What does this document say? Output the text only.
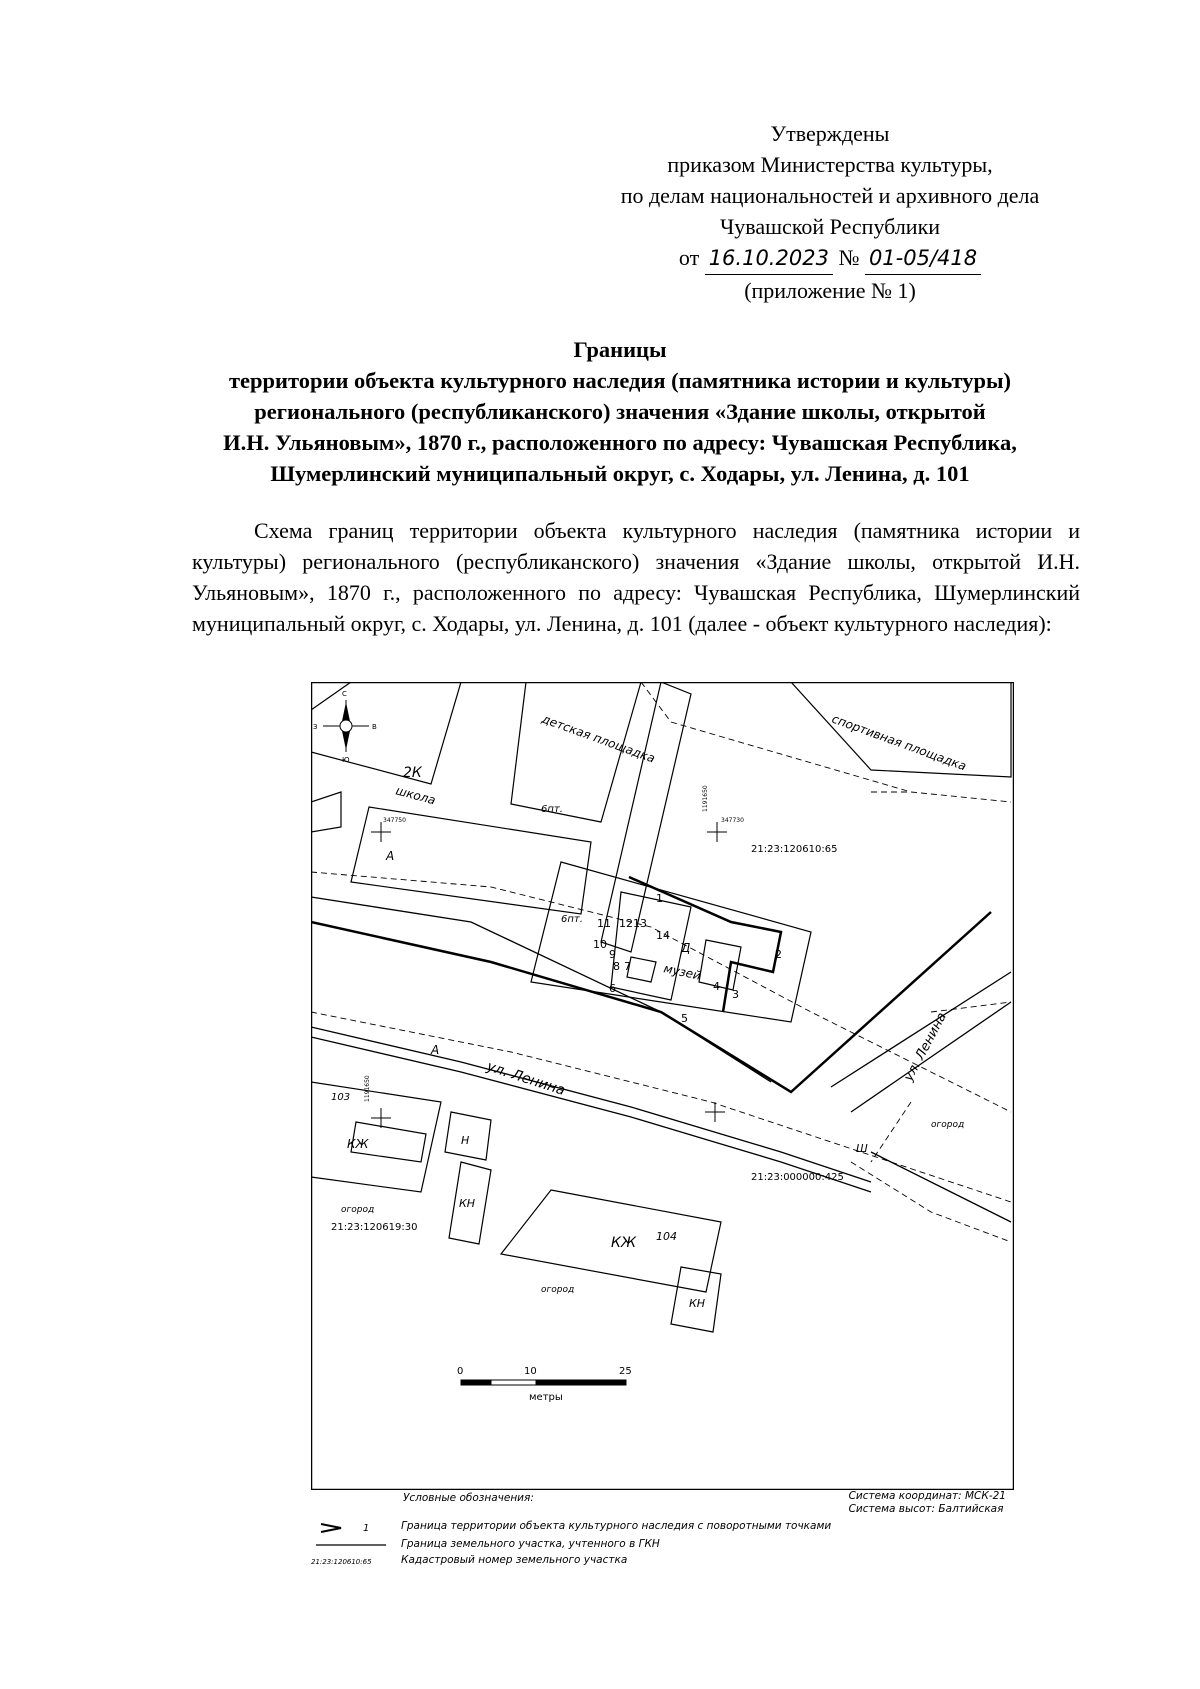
Утверждены
приказом Министерства культуры,
по делам национальностей и архивного дела
Чувашской Республики
от 16.10.2023 № 01-05/418
(приложение № 1)
Границы
территории объекта культурного наследия (памятника истории и культуры)
регионального (республиканского) значения «Здание школы, открытой
И.Н. Ульяновым», 1870 г., расположенного по адресу: Чувашская Республика,
Шумерлинский муниципальный округ, с. Ходары, ул. Ленина, д. 101

Схема границ территории объекта культурного наследия (памятника истории и культуры) регионального (республиканского) значения «Здание школы, открытой И.Н. Ульяновым», 1870 г., расположенного по адресу: Чувашская Республика, Шумерлинский муниципальный округ, с. Ходары, ул. Ленина, д. 101 (далее - объект культурного наследия):

С
Ю
З	В	детская площадка	спортивная площадка
2К
школа
А
Д
музей
А
ул. Ленина	ул. Ленина
21:23:120610:65
21:23:120619:30
21:23:000000:425
КЖ
103
Н
КН
КЖ 104
КН
Ш
огород
огород
огород
6пт.
6пт.
347750	347730
1191650
1191650
1
2
3
4
5
6
7
8
9
10
11 12 13
14
0	10	25
метры
Условные обозначения:	Система координат: МСК-21
Система высот: Балтийская
1	Граница территории объекта культурного наследия с поворотными точками
Граница земельного участка, учтенного в ГКН
21:23:120610:65	Кадастровый номер земельного участка
